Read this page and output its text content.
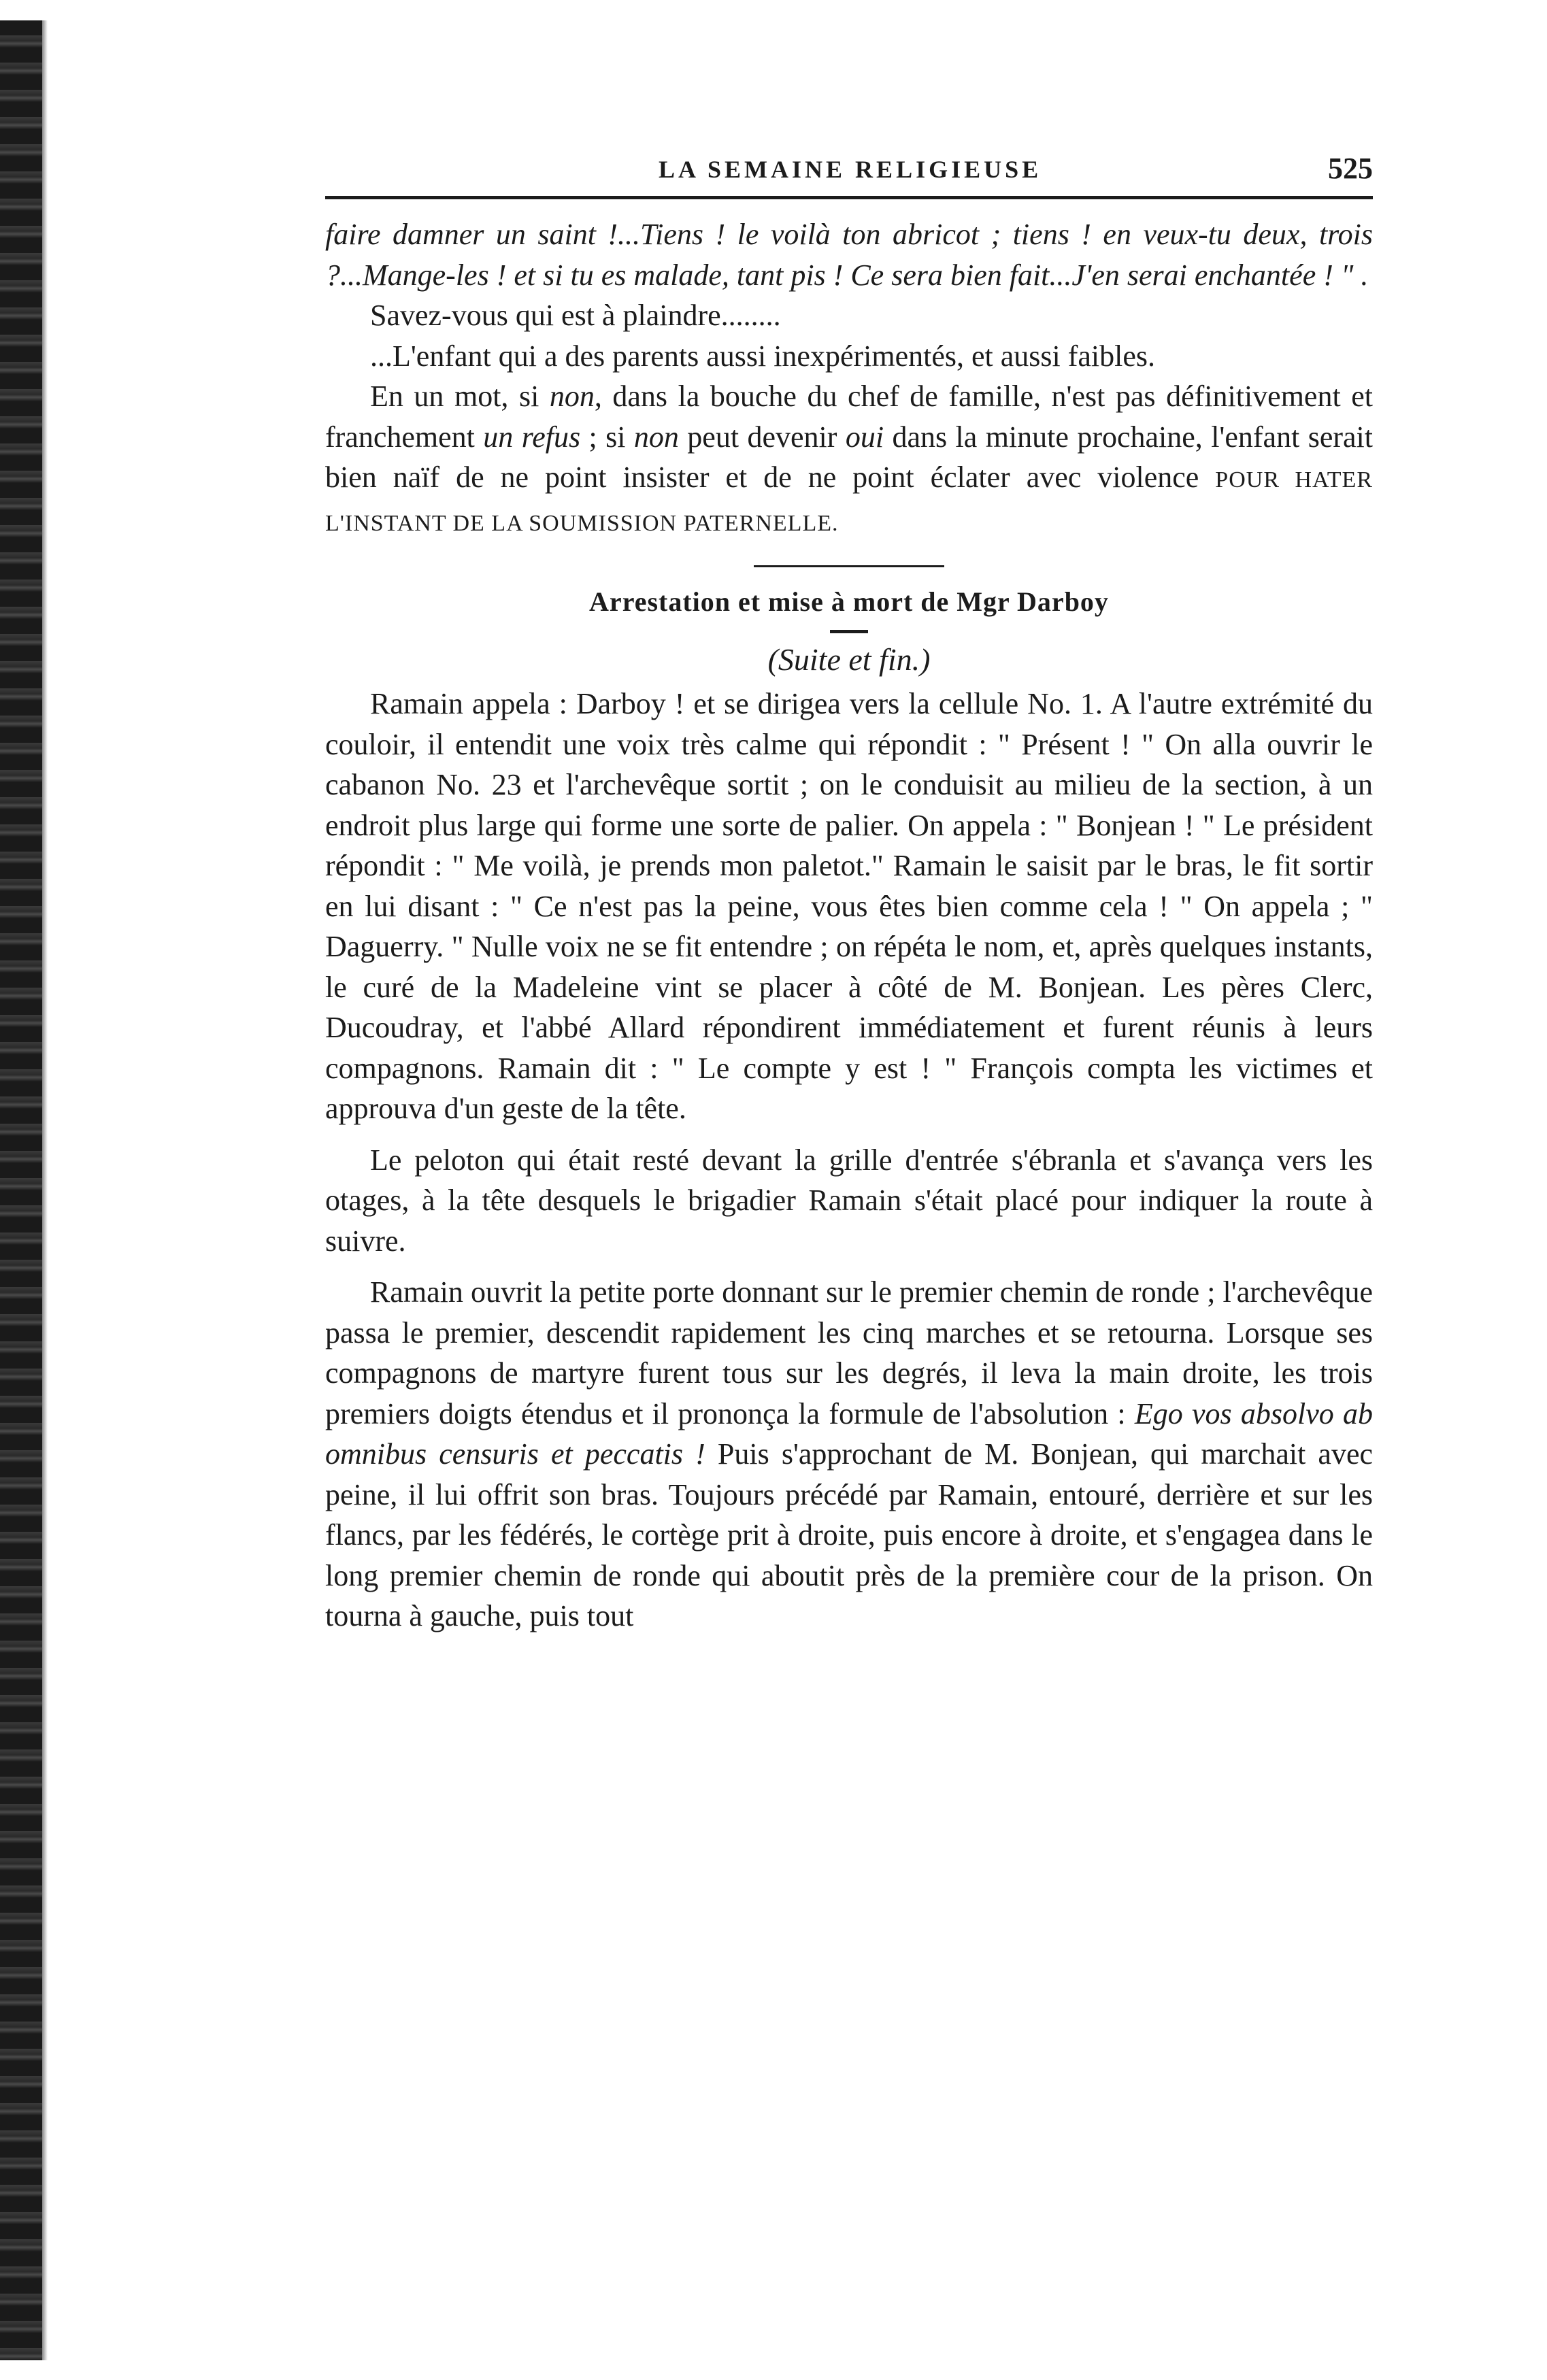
LA SEMAINE RELIGIEUSE	525

faire damner un saint !...Tiens ! le voilà ton abricot ; tiens ! en veux-tu deux, trois ?...Mange-les ! et si tu es malade, tant pis ! Ce sera bien fait...J'en serai enchantée ! " .

Savez-vous qui est à plaindre........

...L'enfant qui a des parents aussi inexpérimentés, et aussi faibles.

En un mot, si non, dans la bouche du chef de famille, n'est pas définitivement et franchement un refus ; si non peut devenir oui dans la minute prochaine, l'enfant serait bien naïf de ne point insister et de ne point éclater avec violence POUR HATER L'INSTANT DE LA SOUMISSION PATERNELLE.

Arrestation et mise à mort de Mgr Darboy
(Suite et fin.)

Ramain appela : Darboy ! et se dirigea vers la cellule No. 1. A l'autre extrémité du couloir, il entendit une voix très calme qui répondit : " Présent ! " On alla ouvrir le cabanon No. 23 et l'archevêque sortit ; on le conduisit au milieu de la section, à un endroit plus large qui forme une sorte de palier. On appela : " Bonjean ! " Le président répondit : " Me voilà, je prends mon paletot." Ramain le saisit par le bras, le fit sortir en lui disant : " Ce n'est pas la peine, vous êtes bien comme cela ! " On appela ; " Daguerry. " Nulle voix ne se fit entendre ; on répéta le nom, et, après quelques instants, le curé de la Madeleine vint se placer à côté de M. Bonjean. Les pères Clerc, Ducoudray, et l'abbé Allard répondirent immédiatement et furent réunis à leurs compagnons. Ramain dit : " Le compte y est ! " François compta les victimes et approuva d'un geste de la tête.

Le peloton qui était resté devant la grille d'entrée s'ébranla et s'avança vers les otages, à la tête desquels le brigadier Ramain s'était placé pour indiquer la route à suivre.

Ramain ouvrit la petite porte donnant sur le premier chemin de ronde ; l'archevêque passa le premier, descendit rapidement les cinq marches et se retourna. Lorsque ses compagnons de martyre furent tous sur les degrés, il leva la main droite, les trois premiers doigts étendus et il prononça la formule de l'absolution : Ego vos absolvo ab omnibus censuris et peccatis ! Puis s'approchant de M. Bonjean, qui marchait avec peine, il lui offrit son bras. Toujours précédé par Ramain, entouré, derrière et sur les flancs, par les fédérés, le cortège prit à droite, puis encore à droite, et s'engagea dans le long premier chemin de ronde qui aboutit près de la première cour de la prison. On tourna à gauche, puis tout
